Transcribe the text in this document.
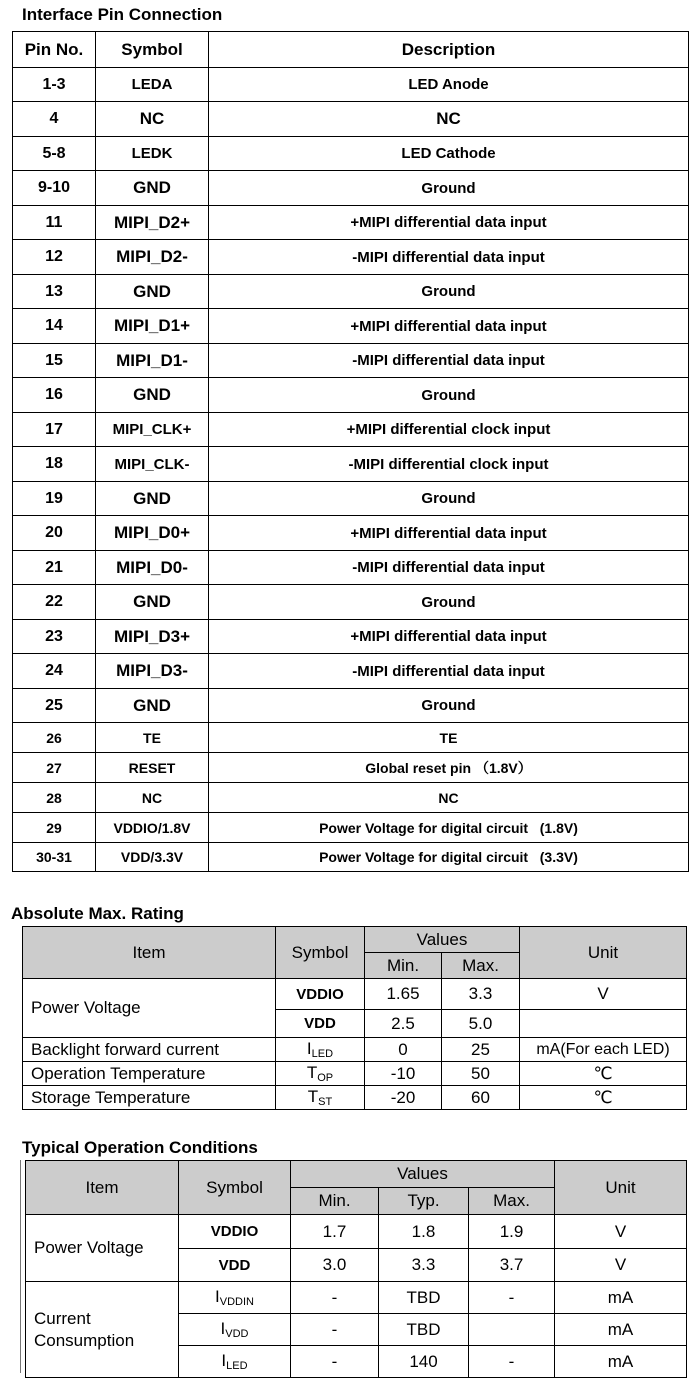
Interface Pin Connection
Pin No.	Symbol	Description
1-3	LEDA	LED Anode
4	NC	NC
5-8	LEDK	LED Cathode
9-10	GND	Ground
11	MIPI_D2+	+MIPI differential data input
12	MIPI_D2-	-MIPI differential data input
13	GND	Ground
14	MIPI_D1+	+MIPI differential data input
15	MIPI_D1-	-MIPI differential data input
16	GND	Ground
17	MIPI_CLK+	+MIPI differential clock input
18	MIPI_CLK-	-MIPI differential clock input
19	GND	Ground
20	MIPI_D0+	+MIPI differential data input
21	MIPI_D0-	-MIPI differential data input
22	GND	Ground
23	MIPI_D3+	+MIPI differential data input
24	MIPI_D3-	-MIPI differential data input
25	GND	Ground
26	TE	TE
27	RESET	Global reset pin （1.8V）
28	NC	NC
29	VDDIO/1.8V	Power Voltage for digital circuit   (1.8V)
30-31	VDD/3.3V	Power Voltage for digital circuit   (3.3V)
Absolute Max. Rating
Item	Symbol	Values		Unit
		Min.	Max.	
Power Voltage	VDDIO	1.65	3.3	V
	VDD	2.5	5.0	
Backlight forward current	$I_{LED}$	0	25	mA(For each LED)
Operation Temperature	$T_{OP}$	-10	50	℃
Storage Temperature	$T_{ST}$	-20	60	℃
Typical Operation Conditions
Item	Symbol	Values			Unit
		Min.	Typ.	Max.	
Power Voltage	VDDIO	1.7	1.8	1.9	V
	VDD	3.0	3.3	3.7	V
Current Consumption	$I_{VDDIN}$	-	TBD	-	mA
	$I_{VDD}$	-	TBD		mA
	$I_{LED}$	-	140	-	mA
